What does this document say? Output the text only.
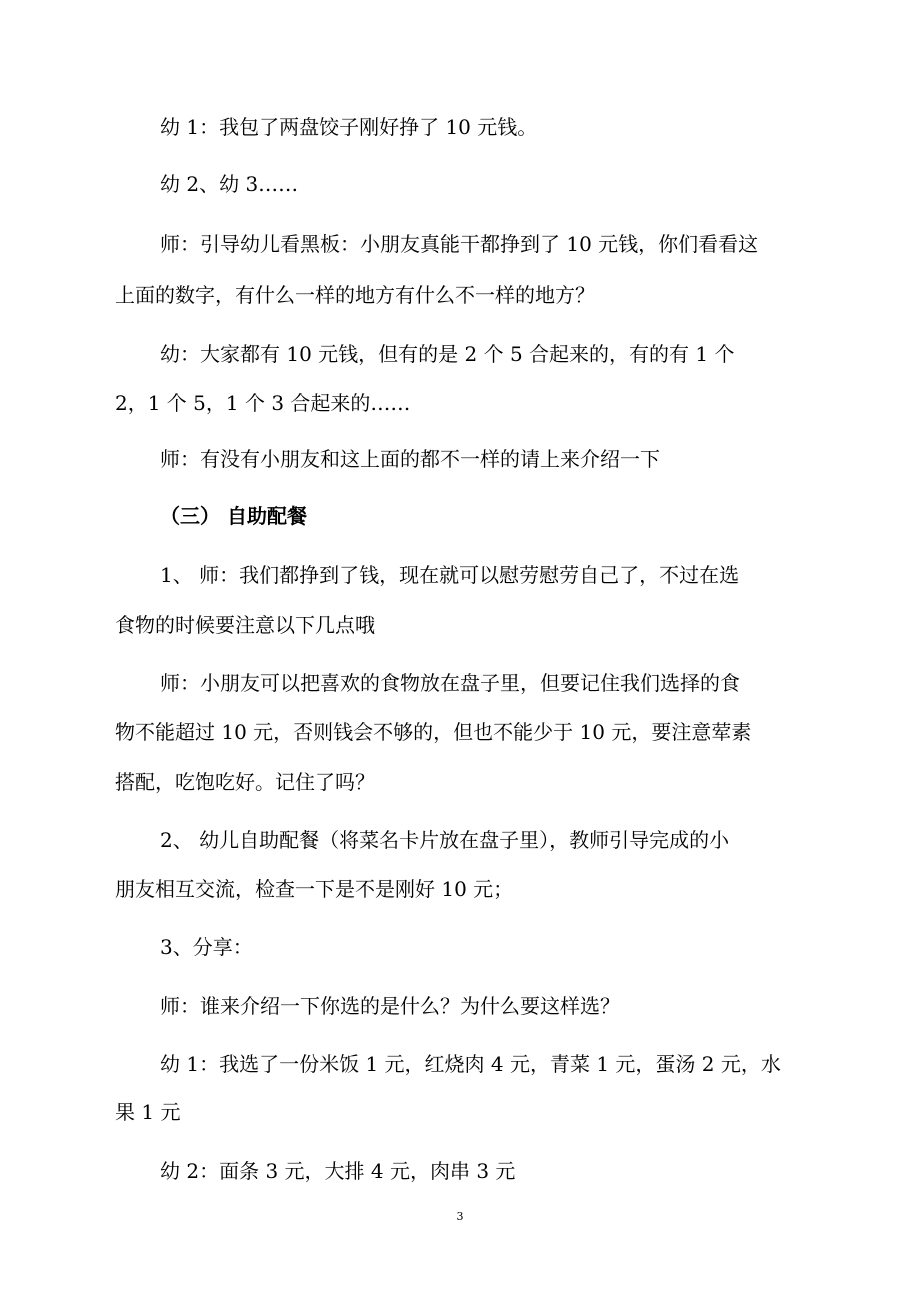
幼 1：我包了两盘饺子刚好挣了 10 元钱。
幼 2、幼 3……
师：引导幼儿看黑板：小朋友真能干都挣到了 10 元钱，你们看看这
上面的数字，有什么一样的地方有什么不一样的地方？
幼：大家都有 10 元钱，但有的是 2 个 5 合起来的，有的有 1 个
2，1 个 5，1 个 3 合起来的……
师：有没有小朋友和这上面的都不一样的请上来介绍一下
（三） 自助配餐
1、 师：我们都挣到了钱，现在就可以慰劳慰劳自己了，不过在选
食物的时候要注意以下几点哦
师：小朋友可以把喜欢的食物放在盘子里，但要记住我们选择的食
物不能超过 10 元，否则钱会不够的，但也不能少于 10 元，要注意荤素
搭配，吃饱吃好。记住了吗？
2、 幼儿自助配餐（将菜名卡片放在盘子里），教师引导完成的小
朋友相互交流，检查一下是不是刚好 10 元；
3、分享：
师：谁来介绍一下你选的是什么？为什么要这样选？
幼 1：我选了一份米饭 1 元，红烧肉 4 元，青菜 1 元，蛋汤 2 元，水
果 1 元
幼 2：面条 3 元，大排 4 元，肉串 3 元
3
